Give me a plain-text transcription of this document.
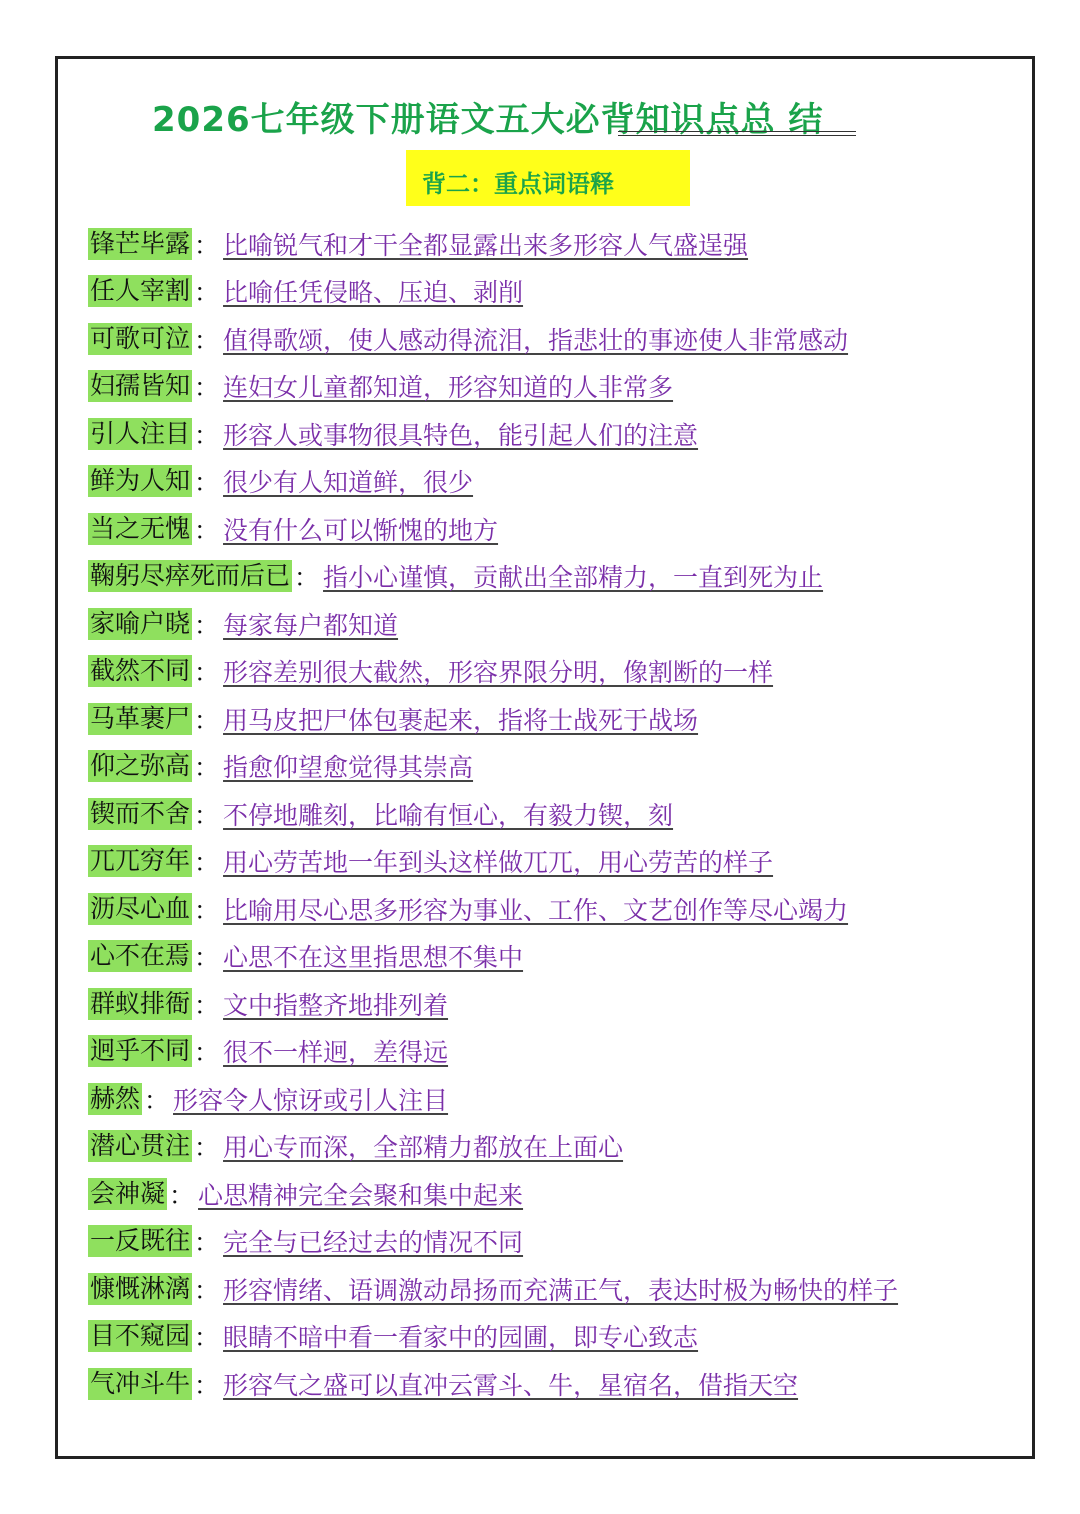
2026七年级下册语文五大必背知识点总 结
背二：重点词语释
锋芒毕露 ： 比喻锐气和才干全都显露出来多形容人气盛逞强
任人宰割 ： 比喻任凭侵略、压迫、剥削
可歌可泣 ： 值得歌颂，使人感动得流泪，指悲壮的事迹使人非常感动
妇孺皆知 ： 连妇女儿童都知道，形容知道的人非常多
引人注目 ： 形容人或事物很具特色，能引起人们的注意
鲜为人知 ： 很少有人知道鲜，很少
当之无愧 ： 没有什么可以惭愧的地方
鞠躬尽瘁死而后已 ： 指小心谨慎，贡献出全部精力，一直到死为止
家喻户晓 ： 每家每户都知道
截然不同 ： 形容差别很大截然，形容界限分明，像割断的一样
马革裹尸 ： 用马皮把尸体包裹起来，指将士战死于战场
仰之弥高 ： 指愈仰望愈觉得其崇高
锲而不舍 ： 不停地雕刻，比喻有恒心，有毅力锲，刻
兀兀穷年 ： 用心劳苦地一年到头这样做兀兀，用心劳苦的样子
沥尽心血 ： 比喻用尽心思多形容为事业、工作、文艺创作等尽心竭力
心不在焉 ： 心思不在这里指思想不集中
群蚁排衙 ： 文中指整齐地排列着
迥乎不同 ： 很不一样迥，差得远
赫然 ： 形容令人惊讶或引人注目
潜心贯注 ： 用心专而深，全部精力都放在上面心
会神凝 ： 心思精神完全会聚和集中起来
一反既往 ： 完全与已经过去的情况不同
慷慨淋漓 ： 形容情绪、语调激动昂扬而充满正气，表达时极为畅快的样子
目不窥园 ： 眼睛不暗中看一看家中的园圃，即专心致志
气冲斗牛 ： 形容气之盛可以直冲云霄斗、牛，星宿名，借指天空
